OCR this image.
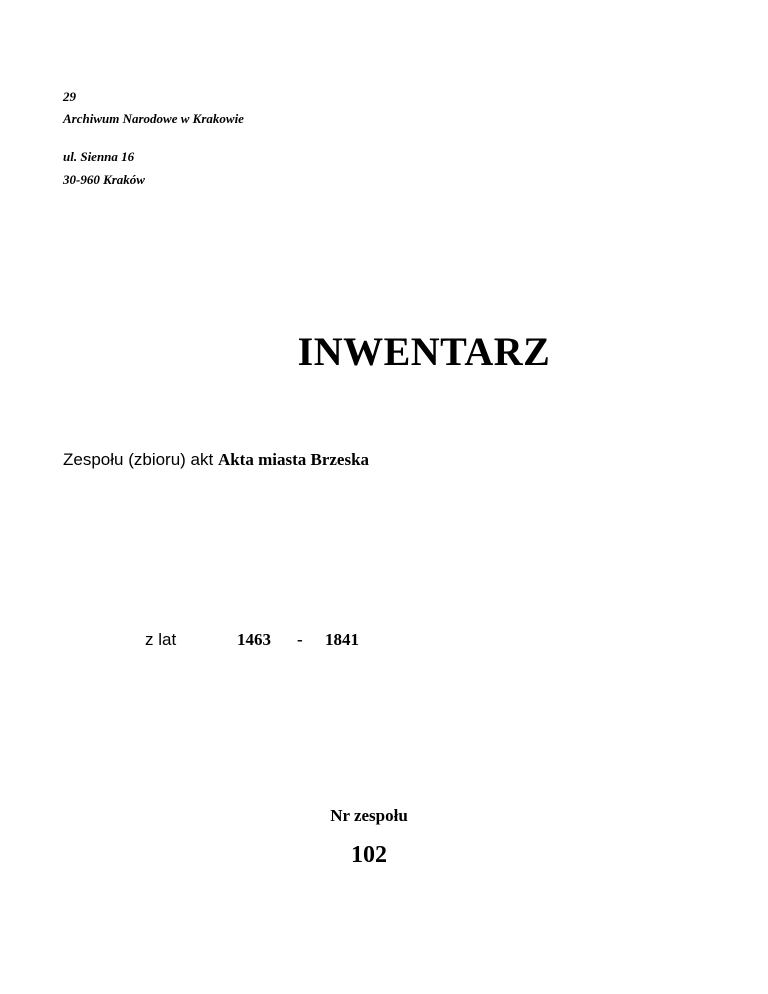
29
Archiwum Narodowe w Krakowie
ul. Sienna 16
30-960 Kraków
INWENTARZ
Zespołu (zbioru) akt Akta miasta Brzeska
z lat	1463 - 1841
Nr zespołu
102
